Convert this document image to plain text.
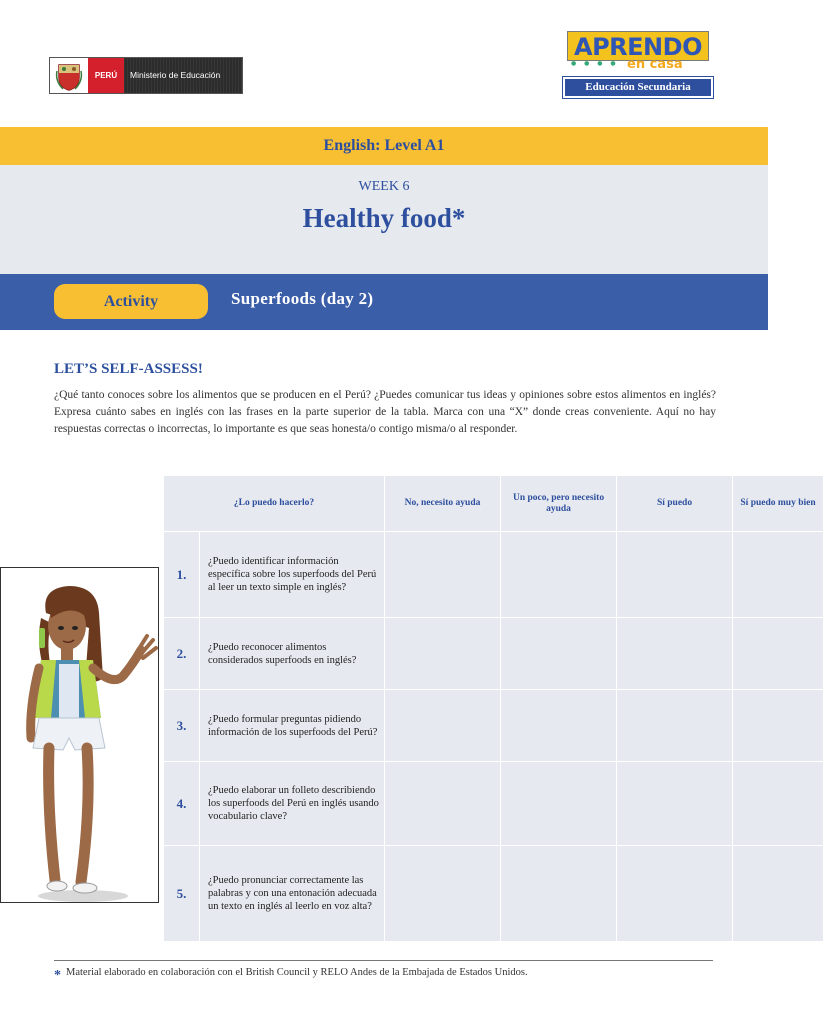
PERÚ	Ministerio de Educación
APRENDO
● ● ● ● en casa
Educación Secundaria
English: Level A1
WEEK 6
Healthy food*
Activity	Superfoods (day 2)
LET’S SELF-ASSESS!
¿Qué tanto conoces sobre los alimentos que se producen en el Perú? ¿Puedes comunicar tus ideas y opiniones sobre estos alimentos en inglés? Expresa cuánto sabes en inglés con las frases en la parte superior de la tabla. Marca con una “X” donde creas conveniente. Aquí no hay respuestas correctas o incorrectas, lo importante es que seas honesta/o contigo misma/o al responder.
¿Lo puedo hacerlo?		No, necesito ayuda	Un poco, pero necesito ayuda	Sí puedo	Sí puedo muy bien
1.	¿Puedo identificar información específica sobre los superfoods del Perú al leer un texto simple en inglés?				
2.	¿Puedo reconocer alimentos considerados superfoods en inglés?				
3.	¿Puedo formular preguntas pidiendo información de los superfoods del Perú?				
4.	¿Puedo elaborar un folleto describiendo los superfoods del Perú en inglés usando vocabulario clave?				
5.	¿Puedo pronunciar correctamente las palabras y con una entonación adecuada un texto en inglés al leerlo en voz alta?				
* Material elaborado en colaboración con el British Council y RELO Andes de la Embajada de Estados Unidos.
